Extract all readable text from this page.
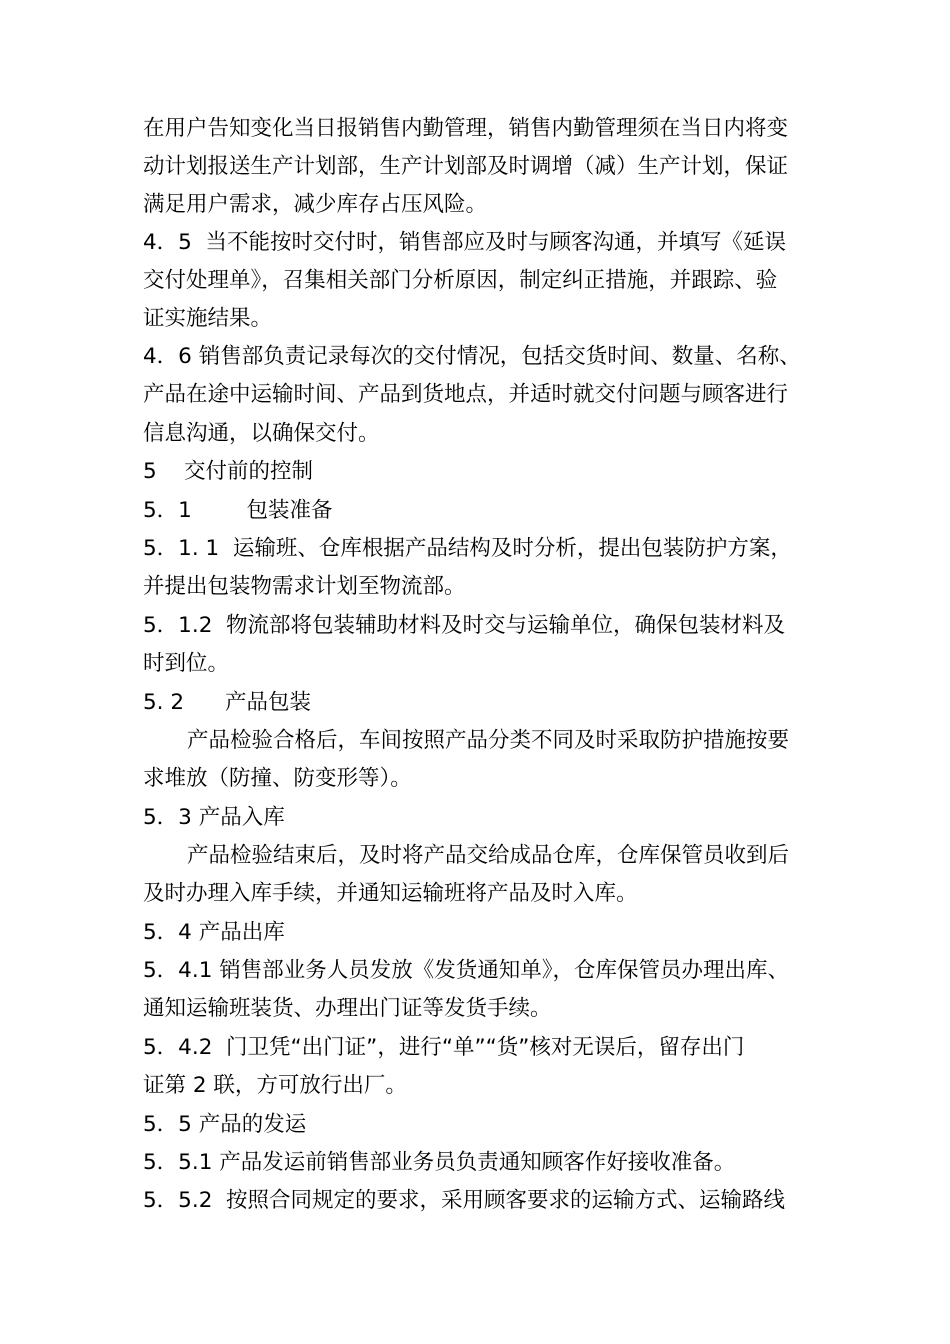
在用户告知变化当日报销售内勤管理，销售内勤管理须在当日内将变
动计划报送生产计划部，生产计划部及时调增（减）生产计划，保证
满足用户需求，减少库存占压风险。
4．5  当不能按时交付时，销售部应及时与顾客沟通，并填写《延误
交付处理单》，召集相关部门分析原因，制定纠正措施，并跟踪、验
证实施结果。
4．6 销售部负责记录每次的交付情况，包括交货时间、数量、名称、
产品在途中运输时间、产品到货地点，并适时就交付问题与顾客进行
信息沟通，以确保交付。
5    交付前的控制
5．1        包装准备
5．1. 1  运输班、仓库根据产品结构及时分析，提出包装防护方案，
并提出包装物需求计划至物流部。
5．1.2  物流部将包装辅助材料及时交与运输单位，确保包装材料及
时到位。
5. 2      产品包装
产品检验合格后，车间按照产品分类不同及时采取防护措施按要
求堆放（防撞、防变形等）。
5．3 产品入库
产品检验结束后，及时将产品交给成品仓库，仓库保管员收到后
及时办理入库手续，并通知运输班将产品及时入库。
5．4 产品出库
5．4.1 销售部业务人员发放《发货通知单》，仓库保管员办理出库、
通知运输班装货、办理出门证等发货手续。
5．4.2  门卫凭“出门证”，进行“单”“货”核对无误后，留存出门
证第 2 联，方可放行出厂。
5．5 产品的发运
5．5.1 产品发运前销售部业务员负责通知顾客作好接收准备。
5．5.2  按照合同规定的要求，采用顾客要求的运输方式、运输路线
